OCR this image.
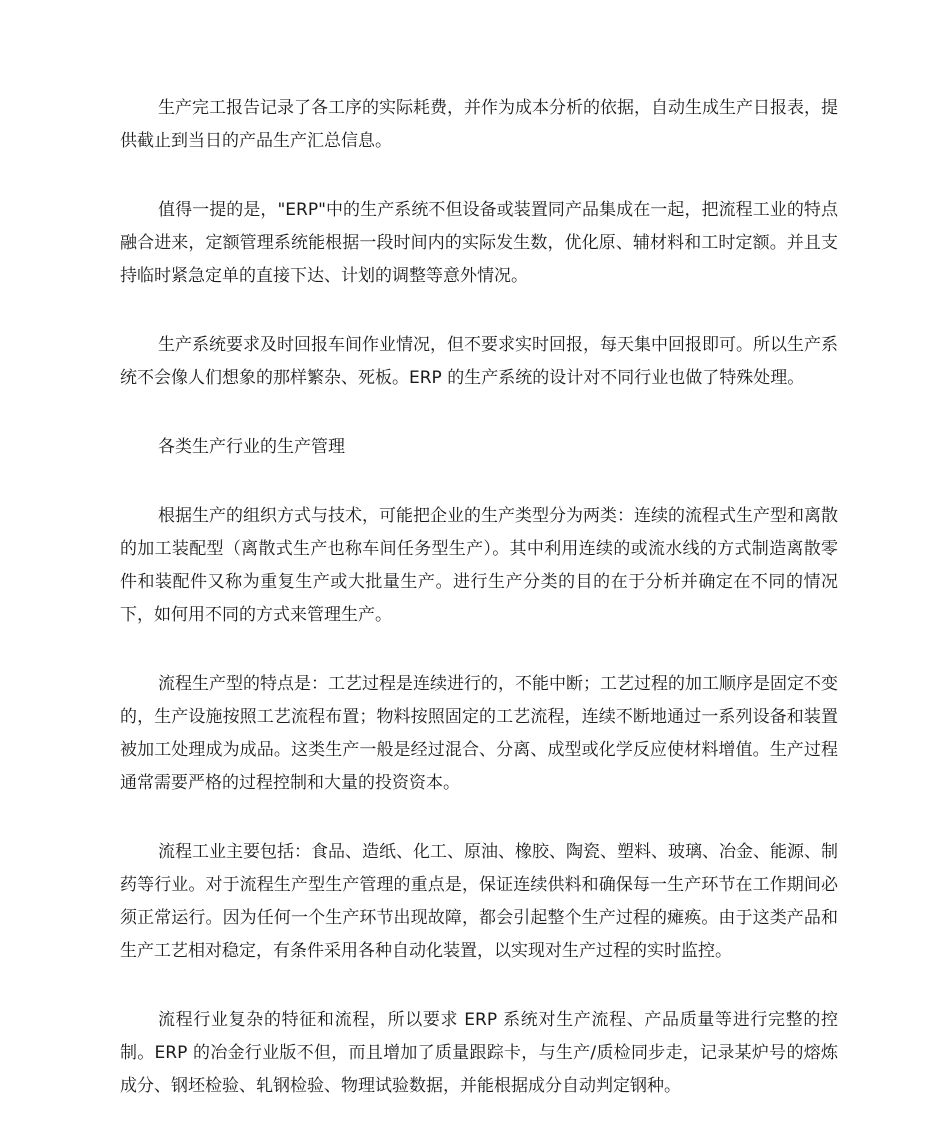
生产完工报告记录了各工序的实际耗费，并作为成本分析的依据，自动生成生产日报表，提供截止到当日的产品生产汇总信息。

值得一提的是，"ERP"中的生产系统不但设备或装置同产品集成在一起，把流程工业的特点融合进来，定额管理系统能根据一段时间内的实际发生数，优化原、辅材料和工时定额。并且支持临时紧急定单的直接下达、计划的调整等意外情况。

生产系统要求及时回报车间作业情况，但不要求实时回报，每天集中回报即可。所以生产系统不会像人们想象的那样繁杂、死板。ERP 的生产系统的设计对不同行业也做了特殊处理。

各类生产行业的生产管理

根据生产的组织方式与技术，可能把企业的生产类型分为两类：连续的流程式生产型和离散的加工装配型（离散式生产也称车间任务型生产）。其中利用连续的或流水线的方式制造离散零件和装配件又称为重复生产或大批量生产。进行生产分类的目的在于分析并确定在不同的情况下，如何用不同的方式来管理生产。

流程生产型的特点是：工艺过程是连续进行的，不能中断；工艺过程的加工顺序是固定不变的，生产设施按照工艺流程布置；物料按照固定的工艺流程，连续不断地通过一系列设备和装置被加工处理成为成品。这类生产一般是经过混合、分离、成型或化学反应使材料增值。生产过程通常需要严格的过程控制和大量的投资资本。

流程工业主要包括：食品、造纸、化工、原油、橡胶、陶瓷、塑料、玻璃、冶金、能源、制药等行业。对于流程生产型生产管理的重点是，保证连续供料和确保每一生产环节在工作期间必须正常运行。因为任何一个生产环节出现故障，都会引起整个生产过程的瘫痪。由于这类产品和生产工艺相对稳定，有条件采用各种自动化装置，以实现对生产过程的实时监控。

流程行业复杂的特征和流程，所以要求 ERP 系统对生产流程、产品质量等进行完整的控制。ERP 的冶金行业版不但，而且增加了质量跟踪卡，与生产/质检同步走，记录某炉号的熔炼成分、钢坯检验、轧钢检验、物理试验数据，并能根据成分自动判定钢种。
